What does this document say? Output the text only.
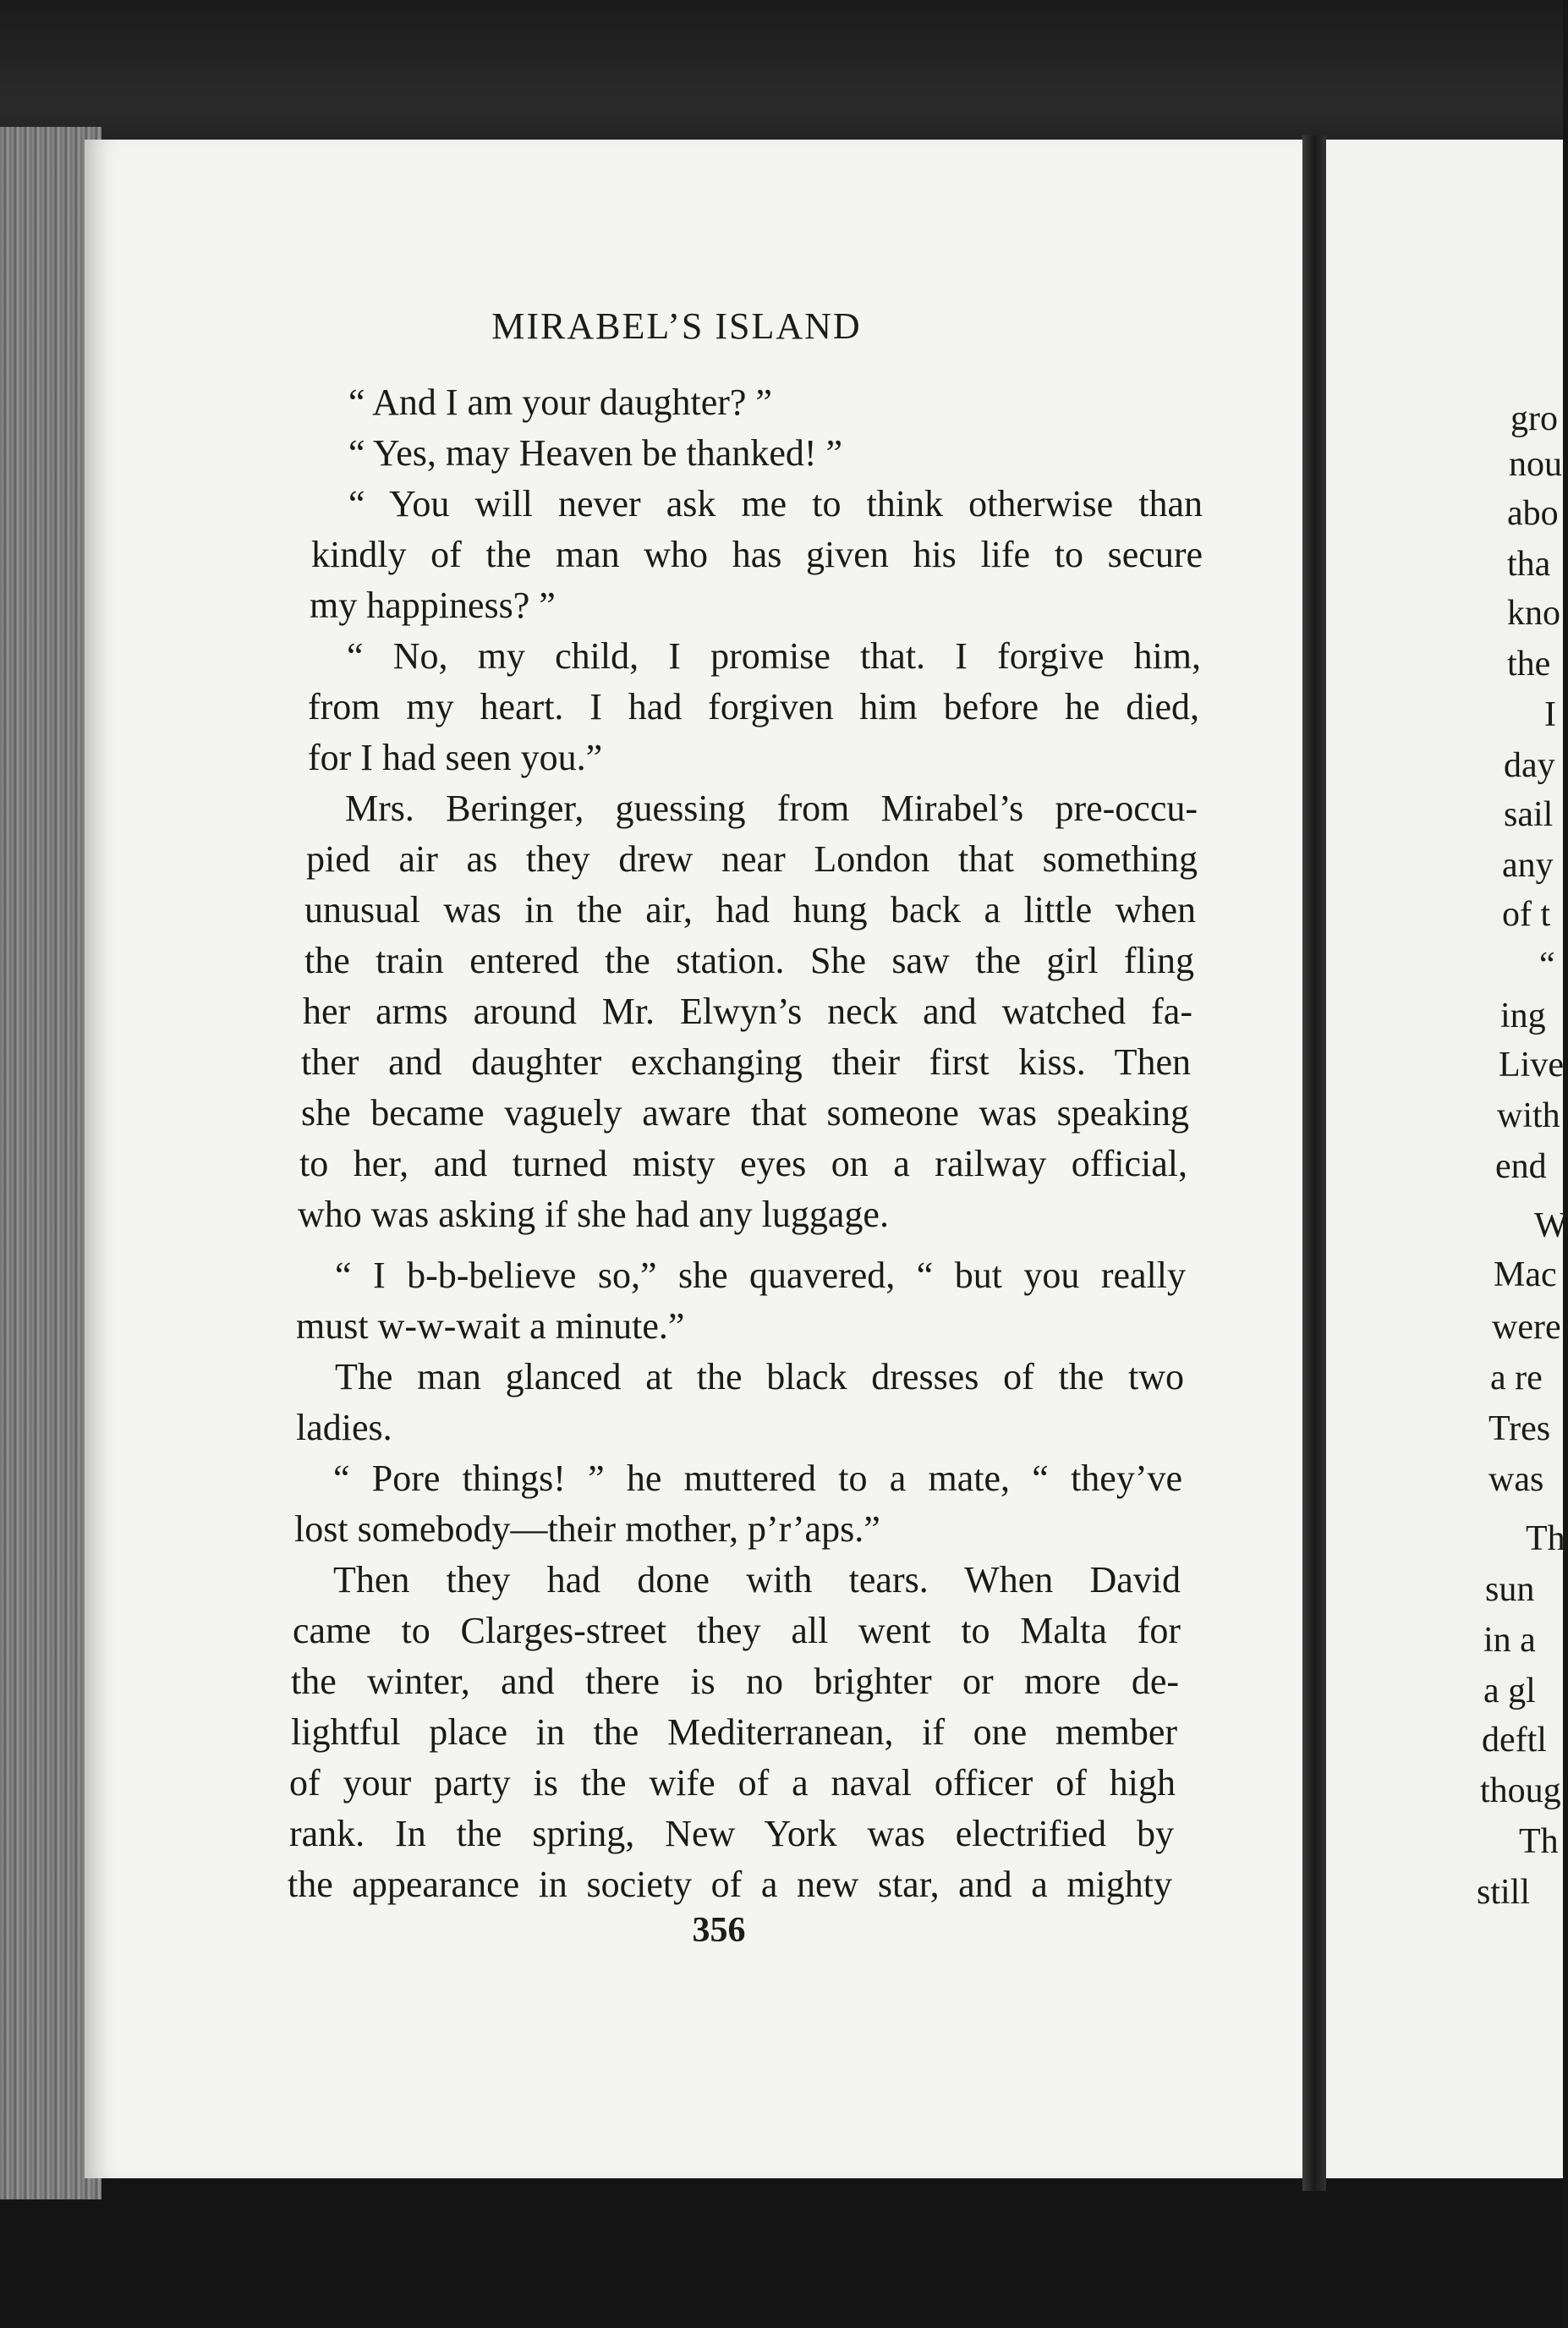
MIRABEL’S ISLAND
“ And I am your daughter? ”
“ Yes, may Heaven be thanked! ”
“ You will never ask me to think otherwise than
kindly of the man who has given his life to secure
my happiness? ”
“ No, my child, I promise that. I forgive him,
from my heart. I had forgiven him before he died,
for I had seen you.”
Mrs. Beringer, guessing from Mirabel’s pre-occu-
pied air as they drew near London that something
unusual was in the air, had hung back a little when
the train entered the station. She saw the girl fling
her arms around Mr. Elwyn’s neck and watched fa-
ther and daughter exchanging their first kiss. Then
she became vaguely aware that someone was speaking
to her, and turned misty eyes on a railway official,
who was asking if she had any luggage.
“ I b-b-believe so,” she quavered, “ but you really
must w-w-wait a minute.”
The man glanced at the black dresses of the two
ladies.
“ Pore things! ” he muttered to a mate, “ they’ve
lost somebody—their mother, p’r’aps.”
Then they had done with tears. When David
came to Clarges-street they all went to Malta for
the winter, and there is no brighter or more de-
lightful place in the Mediterranean, if one member
of your party is the wife of a naval officer of high
rank. In the spring, New York was electrified by
the appearance in society of a new star, and a mighty
356
gro
nou
abo
tha
kno
the
I
day
sail
any
of t
“
ing
Live
with
end
W
Mac
were
a re
Tres
was
Th
sun
in a
a gl
deftl
thoug
Th
still
